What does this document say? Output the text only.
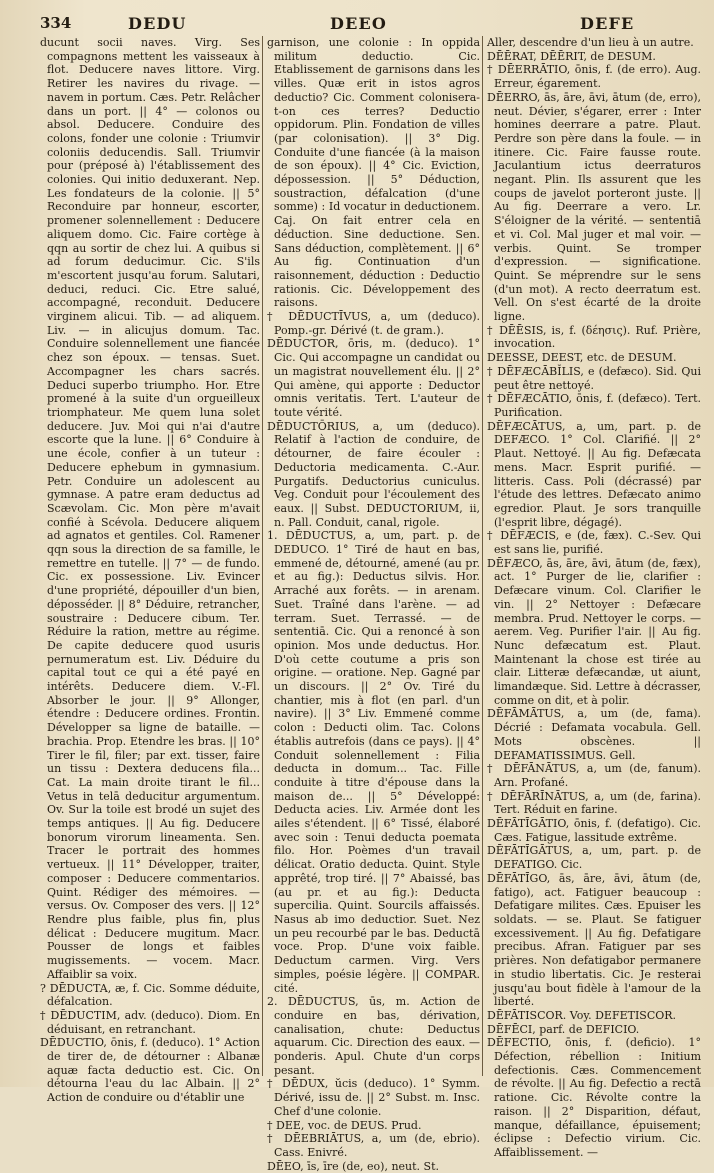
334	DEDU	DEEO	DEFE

ducunt socii naves. Virg. Ses compagnons mettent les vaisseaux à flot. Deducere naves littore. Virg. Retirer les navires du rivage. — navem in portum. Cæs. Petr. Relâcher dans un port. || 4° — colonos ou absol. Deducere. Conduire des colons, fonder une colonie : Triumvir coloniis deducendis. Sall. Triumvir pour (préposé à) l'établissement des colonies. Qui initio deduxerant. Nep. Les fondateurs de la colonie. || 5° Reconduire par honneur, escorter, promener solennellement : Deducere aliquem domo. Cic. Faire cortège à qqn au sortir de chez lui. A quibus si ad forum deducimur. Cic. S'ils m'escortent jusqu'au forum. Salutari, deduci, reduci. Cic. Etre salué, accompagné, reconduit. Deducere virginem alicui. Tib. — ad aliquem. Liv. — in alicujus domum. Tac. Conduire solennellement une fiancée chez son époux. — tensas. Suet. Accompagner les chars sacrés. Deduci superbo triumpho. Hor. Etre promené à la suite d'un orgueilleux triomphateur. Me quem luna solet deducere. Juv. Moi qui n'ai d'autre escorte que la lune. || 6° Conduire à une école, confier à un tuteur : Deducere ephebum in gymnasium. Petr. Conduire un adolescent au gymnase. A patre eram deductus ad Scævolam. Cic. Mon père m'avait confié à Scévola. Deducere aliquem ad agnatos et gentiles. Col. Ramener qqn sous la direction de sa famille, le remettre en tutelle. || 7° — de fundo. Cic. ex possessione. Liv. Evincer d'une propriété, dépouiller d'un bien, déposséder. || 8° Déduire, retrancher, soustraire : Deducere cibum. Ter. Réduire la ration, mettre au régime. De capite deducere quod usuris pernumeratum est. Liv. Déduire du capital tout ce qui a été payé en intérêts. Deducere diem. V.-Fl. Absorber le jour. || 9° Allonger, étendre : Deducere ordines. Frontin. Développer sa ligne de bataille. — brachia. Prop. Etendre les bras. || 10° Tirer le fil, filer; par ext. tisser, faire un tissu : Dextera deducens fila... Cat. La main droite tirant le fil... Vetus in telā deducitur argumentum. Ov. Sur la toile est brodé un sujet des temps antiques. || Au fig. Deducere bonorum virorum lineamenta. Sen. Tracer le portrait des hommes vertueux. || 11° Développer, traiter, composer : Deducere commentarios. Quint. Rédiger des mémoires. — versus. Ov. Composer des vers. || 12° Rendre plus faible, plus fin, plus délicat : Deducere mugitum. Macr. Pousser de longs et faibles mugissements. — vocem. Macr. Affaiblir sa voix.

? DĒDUCTA, æ, f. Cic. Somme déduite, défalcation.

† DĒDUCTIM, adv. (deduco). Diom. En déduisant, en retranchant.

DĒDUCTIO, ōnis, f. (deduco). 1° Action de tirer de, de détourner : Albanæ aquæ facta deductio est. Cic. On détourna l'eau du lac Albain. || 2° Action de conduire ou d'établir une

garnison, une colonie : In oppida militum deductio. Cic. Etablissement de garnisons dans les villes. Quæ erit in istos agros deductio? Cic. Comment colonisera-t-on ces terres? Deductio oppidorum. Plin. Fondation de villes (par colonisation). || 3° Dig. Conduite d'une fiancée (à la maison de son époux). || 4° Cic. Eviction, dépossession. || 5° Déduction, soustraction, défalcation (d'une somme) : Id vocatur in deductionem. Caj. On fait entrer cela en déduction. Sine deductione. Sen. Sans déduction, complètement. || 6° Au fig. Continuation d'un raisonnement, déduction : Deductio rationis. Cic. Développement des raisons.

† DĒDUCTĪVUS, a, um (deduco). Pomp.-gr. Dérivé (t. de gram.).

DĒDUCTOR, ōris, m. (deduco). 1° Cic. Qui accompagne un candidat ou un magistrat nouvellement élu. || 2° Qui amène, qui apporte : Deductor omnis veritatis. Tert. L'auteur de toute vérité.

DĒDUCTŌRIUS, a, um (deduco). Relatif à l'action de conduire, de détourner, de faire écouler : Deductoria medicamenta. C.-Aur. Purgatifs. Deductorius cuniculus. Veg. Conduit pour l'écoulement des eaux. || Subst. DEDUCTORIUM, ii, n. Pall. Conduit, canal, rigole.

1. DĒDUCTUS, a, um, part. p. de DEDUCO. 1° Tiré de haut en bas, emmené de, détourné, amené (au pr. et au fig.): Deductus silvis. Hor. Arraché aux forêts. — in arenam. Suet. Traîné dans l'arène. — ad terram. Suet. Terrassé. — de sententiā. Cic. Qui a renoncé à son opinion. Mos unde deductus. Hor. D'où cette coutume a pris son origine. — oratione. Nep. Gagné par un discours. || 2° Ov. Tiré du chantier, mis à flot (en parl. d'un navire). || 3° Liv. Emmené comme colon : Deducti olim. Tac. Colons établis autrefois (dans ce pays). || 4° Conduit solennellement : Filia deducta in domum... Tac. Fille conduite à titre d'épouse dans la maison de... || 5° Développé: Deducta acies. Liv. Armée dont les ailes s'étendent. || 6° Tissé, élaboré avec soin : Tenui deducta poemata filo. Hor. Poèmes d'un travail délicat. Oratio deducta. Quint. Style apprêté, trop tiré. || 7° Abaissé, bas (au pr. et au fig.): Deducta supercilia. Quint. Sourcils affaissés. Nasus ab imo deductior. Suet. Nez un peu recourbé par le bas. Deductā voce. Prop. D'une voix faible. Deductum carmen. Virg. Vers simples, poésie légère. || COMPAR. cité.

2. DĒDUCTUS, ūs, m. Action de conduire en bas, dérivation, canalisation, chute: Deductus aquarum. Cic. Direction des eaux. — ponderis. Apul. Chute d'un corps pesant.

† DĒDUX, ŭcis (deduco). 1° Symm. Dérivé, issu de. || 2° Subst. m. Insc. Chef d'une colonie.

† DEE, voc. de DEUS. Prud.

† DĒEBRIĀTUS, a, um (de, ebrio). Cass. Enivré.

DĒEO, īs, īre (de, eo), neut. St.

Aller, descendre d'un lieu à un autre.

DĒĒRAT, DĒĒRIT, de DESUM.

† DĒERRĀTIO, ōnis, f. (de erro). Aug. Erreur, égarement.

DĒERRO, ās, āre, āvi, ātum (de, erro), neut. Dévier, s'égarer, errer : Inter homines deerrare a patre. Plaut. Perdre son père dans la foule. — in itinere. Cic. Faire fausse route. Jaculantium ictus deerraturos negant. Plin. Ils assurent que les coups de javelot porteront juste. || Au fig. Deerrare a vero. Lr. S'éloigner de la vérité. — sententiā et vi. Col. Mal juger et mal voir. — verbis. Quint. Se tromper d'expression. — significatione. Quint. Se méprendre sur le sens (d'un mot). A recto deerratum est. Vell. On s'est écarté de la droite ligne.

† DĒĒSIS, is, f. (δέησις). Ruf. Prière, invocation.

DEESSE, DEEST, etc. de DESUM.

† DĒFÆCĀBĬLIS, e (defæco). Sid. Qui peut être nettoyé.

† DĒFÆCĀTIO, ōnis, f. (defæco). Tert. Purification.

DĒFÆCĀTUS, a, um, part. p. de DEFÆCO. 1° Col. Clarifié. || 2° Plaut. Nettoyé. || Au fig. Defæcata mens. Macr. Esprit purifié. — litteris. Cass. Poli (décrassé) par l'étude des lettres. Defæcato animo egredior. Plaut. Je sors tranquille (l'esprit libre, dégagé).

† DĒFÆCIS, e (de, fæx). C.-Sev. Qui est sans lie, purifié.

DĒFÆCO, ās, āre, āvi, ātum (de, fæx), act. 1° Purger de lie, clarifier : Defæcare vinum. Col. Clarifier le vin. || 2° Nettoyer : Defæcare membra. Prud. Nettoyer le corps. — aerem. Veg. Purifier l'air. || Au fig. Nunc defæcatum est. Plaut. Maintenant la chose est tirée au clair. Litteræ defæcandæ, ut aiunt, limandæque. Sid. Lettre à décrasser, comme on dit, et à polir.

DĒFĀMĀTUS, a, um (de, fama). Décrié : Defamata vocabula. Gell. Mots obscènes. || DEFAMATISSIMUS. Gell.

† DĒFĀNĀTUS, a, um (de, fanum). Arn. Profané.

† DĒFĀRĪNĀTUS, a, um (de, farina). Tert. Réduit en farine.

DĒFĀTĪGĀTIO, ōnis, f. (defatigo). Cic. Cæs. Fatigue, lassitude extrême.

DĒFĀTĪGĀTUS, a, um, part. p. de DEFATIGO. Cic.

DĒFĀTĪGO, ās, āre, āvi, ātum (de, fatigo), act. Fatiguer beaucoup : Defatigare milites. Cæs. Epuiser les soldats. — se. Plaut. Se fatiguer excessivement. || Au fig. Defatigare precibus. Afran. Fatiguer par ses prières. Non defatigabor permanere in studio libertatis. Cic. Je resterai jusqu'au bout fidèle à l'amour de la liberté.

DĒFĀTISCOR. Voy. DEFETISCOR.

DĒFĒCI, parf. de DEFICIO.

DĒFECTIO, ōnis, f. (deficio). 1° Défection, rébellion : Initium defectionis. Cæs. Commencement de révolte. || Au fig. Defectio a rectā ratione. Cic. Révolte contre la raison. || 2° Disparition, défaut, manque, défaillance, épuisement; éclipse : Defectio virium. Cic. Affaiblissement. —
